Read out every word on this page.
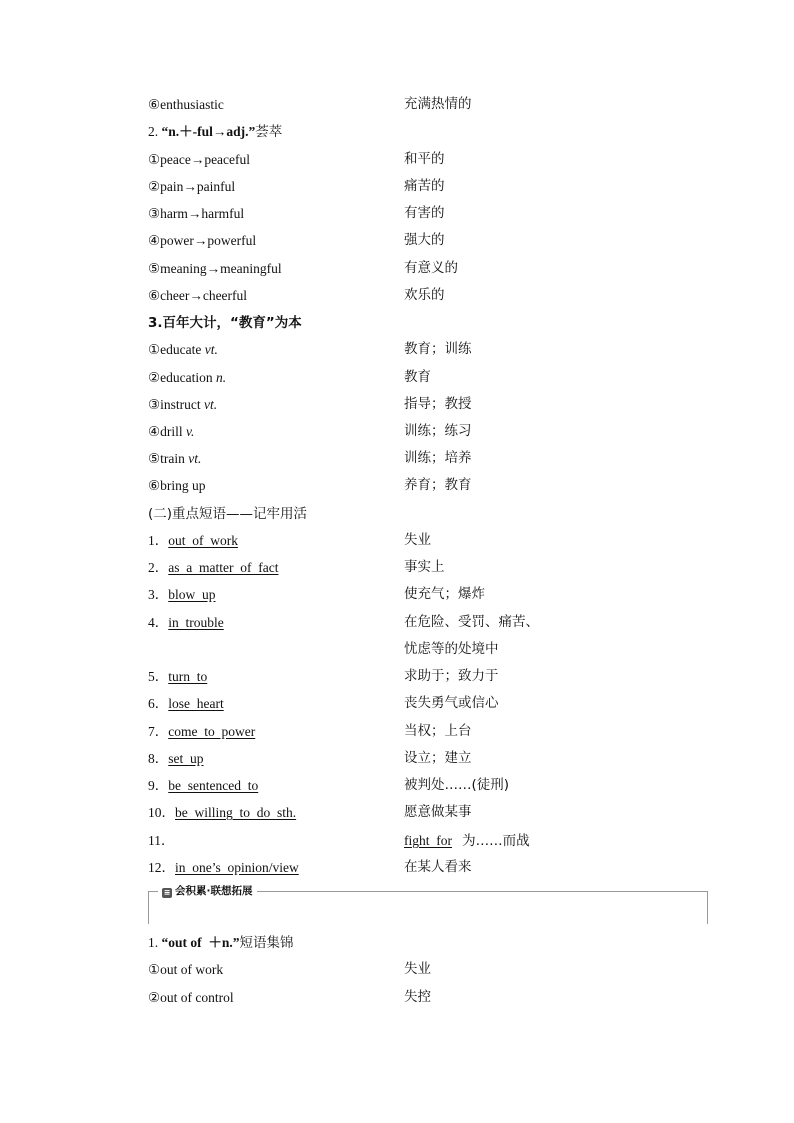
⑥enthusiastic	充满热情的
2. “n.＋-ful→adj.”荟萃
①peace→peaceful	和平的
②pain→painful	痛苦的
③harm→harmful	有害的
④power→powerful	强大的
⑤meaning→meaningful	有意义的
⑥cheer→cheerful	欢乐的
3.百年大计，“教育”为本
①educate vt.	教育；训练
②education n.	教育
③instruct vt.	指导；教授
④drill v.	训练；练习
⑤train vt.	训练；培养
⑥bring up	养育；教育
(二)重点短语——记牢用活
1．out  of  work	失业
2．as  a  matter  of  fact	事实上
3．blow  up	使充气；爆炸
4．in  trouble	在危险、受罚、痛苦、
忧虑等的处境中
5．turn  to	求助于；致力于
6．lose  heart	丧失勇气或信心
7．come  to  power	当权；上台
8．set  up	设立；建立
9．be  sentenced  to	被判处……(徒刑)
10．be  willing  to  do  sth.	愿意做某事
11．	fight  for 为……而战
12．in  one’s  opinion/view	在某人看来
≡ 会积累·联想拓展
1. “out of  ＋n.”短语集锦
①out of work	失业
②out of control	失控
